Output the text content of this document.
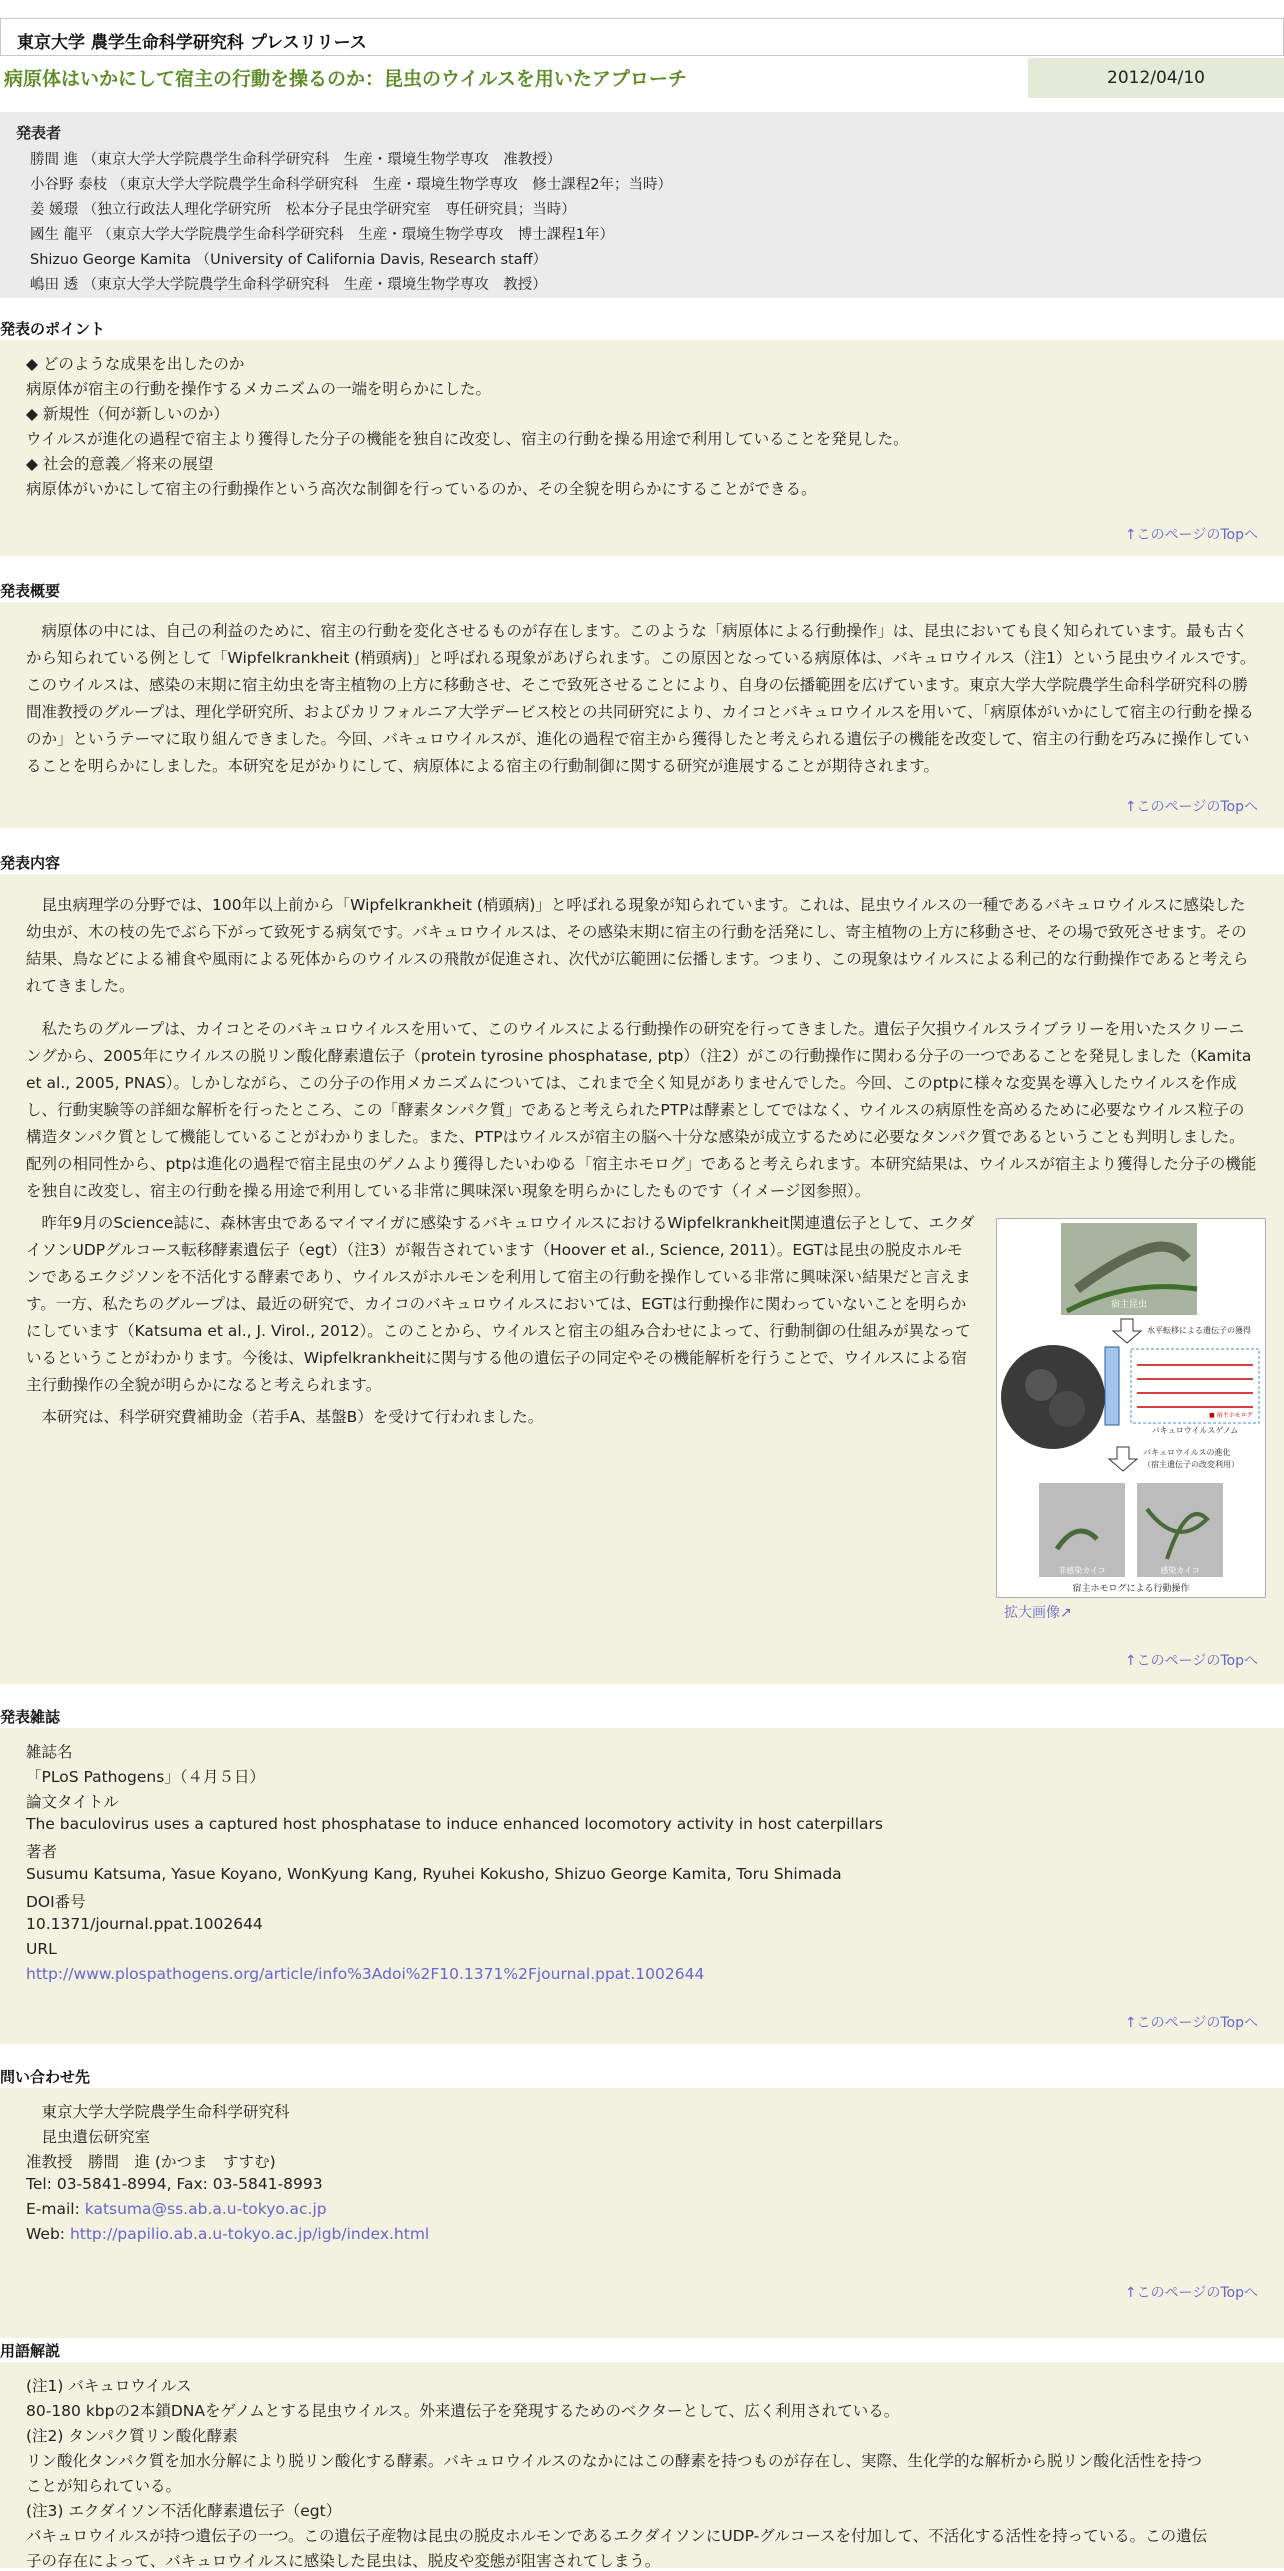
東京大学 農学生命科学研究科 プレスリリース
病原体はいかにして宿主の行動を操るのか：昆虫のウイルスを用いたアプローチ	2012/04/10
発表者
勝間 進 （東京大学大学院農学生命科学研究科　生産・環境生物学専攻　准教授）
小谷野 泰枝 （東京大学大学院農学生命科学研究科　生産・環境生物学専攻　修士課程2年；当時）
姜 媛璟 （独立行政法人理化学研究所　松本分子昆虫学研究室　専任研究員；当時）
國生 龍平 （東京大学大学院農学生命科学研究科　生産・環境生物学専攻　博士課程1年）
Shizuo George Kamita （University of California Davis, Research staff）
嶋田 透 （東京大学大学院農学生命科学研究科　生産・環境生物学専攻　教授）
発表のポイント
◆ どのような成果を出したのか
病原体が宿主の行動を操作するメカニズムの一端を明らかにした。
◆ 新規性（何が新しいのか）
ウイルスが進化の過程で宿主より獲得した分子の機能を独自に改変し、宿主の行動を操る用途で利用していることを発見した。
◆ 社会的意義／将来の展望
病原体がいかにして宿主の行動操作という高次な制御を行っているのか、その全貌を明らかにすることができる。
↑このページのTopへ
発表概要

　病原体の中には、自己の利益のために、宿主の行動を変化させるものが存在します。このような「病原体による行動操作」は、昆虫においても良く知られています。最も古くから知られている例として「Wipfelkrankheit (梢頭病)」と呼ばれる現象があげられます。この原因となっている病原体は、バキュロウイルス（注1）という昆虫ウイルスです。このウイルスは、感染の末期に宿主幼虫を寄主植物の上方に移動させ、そこで致死させることにより、自身の伝播範囲を広げています。東京大学大学院農学生命科学研究科の勝間准教授のグループは、理化学研究所、およびカリフォルニア大学デービス校との共同研究により、カイコとバキュロウイルスを用いて、「病原体がいかにして宿主の行動を操るのか」というテーマに取り組んできました。今回、バキュロウイルスが、進化の過程で宿主から獲得したと考えられる遺伝子の機能を改変して、宿主の行動を巧みに操作していることを明らかにしました。本研究を足がかりにして、病原体による宿主の行動制御に関する研究が進展することが期待されます。

↑このページのTopへ
発表内容

　昆虫病理学の分野では、100年以上前から「Wipfelkrankheit (梢頭病)」と呼ばれる現象が知られています。これは、昆虫ウイルスの一種であるバキュロウイルスに感染した幼虫が、木の枝の先でぶら下がって致死する病気です。バキュロウイルスは、その感染末期に宿主の行動を活発にし、寄主植物の上方に移動させ、その場で致死させます。その結果、鳥などによる補食や風雨による死体からのウイルスの飛散が促進され、次代が広範囲に伝播します。つまり、この現象はウイルスによる利己的な行動操作であると考えられてきました。

　私たちのグループは、カイコとそのバキュロウイルスを用いて、このウイルスによる行動操作の研究を行ってきました。遺伝子欠損ウイルスライブラリーを用いたスクリーニングから、2005年にウイルスの脱リン酸化酵素遺伝子（protein tyrosine phosphatase, ptp）（注2）がこの行動操作に関わる分子の一つであることを発見しました（Kamita et al., 2005, PNAS）。しかしながら、この分子の作用メカニズムについては、これまで全く知見がありませんでした。今回、このptpに様々な変異を導入したウイルスを作成し、行動実験等の詳細な解析を行ったところ、この「酵素タンパク質」であると考えられたPTPは酵素としてではなく、ウイルスの病原性を高めるために必要なウイルス粒子の構造タンパク質として機能していることがわかりました。また、PTPはウイルスが宿主の脳へ十分な感染が成立するために必要なタンパク質であるということも判明しました。配列の相同性から、ptpは進化の過程で宿主昆虫のゲノムより獲得したいわゆる「宿主ホモログ」であると考えられます。本研究結果は、ウイルスが宿主より獲得した分子の機能を独自に改変し、宿主の行動を操る用途で利用している非常に興味深い現象を明らかにしたものです（イメージ図参照）。

　昨年9月のScience誌に、森林害虫であるマイマイガに感染するバキュロウイルスにおけるWipfelkrankheit関連遺伝子として、エクダイソンUDPグルコース転移酵素遺伝子（egt）（注3）が報告されています（Hoover et al., Science, 2011）。EGTは昆虫の脱皮ホルモンであるエクジソンを不活化する酵素であり、ウイルスがホルモンを利用して宿主の行動を操作している非常に興味深い結果だと言えます。一方、私たちのグループは、最近の研究で、カイコのバキュロウイルスにおいては、EGTは行動操作に関わっていないことを明らかにしています（Katsuma et al., J. Virol., 2012）。このことから、ウイルスと宿主の組み合わせによって、行動制御の仕組みが異なっているということがわかります。今後は、Wipfelkrankheitに関与する他の遺伝子の同定やその機能解析を行うことで、ウイルスによる宿主行動操作の全貌が明らかになると考えられます。

　本研究は、科学研究費補助金（若手A、基盤B）を受けて行われました。

拡大画像↗
↑このページのTopへ
宿主昆虫
水平転移による遺伝子の獲得
■ 宿主ホモログ
バキュロウイルスゲノム
バキュロウイルスの進化
（宿主遺伝子の改変利用）
非感染カイコ	感染カイコ
宿主ホモログによる行動操作
発表雑誌
雑誌名
「PLoS Pathogens」（４月５日）
論文タイトル
The baculovirus uses a captured host phosphatase to induce enhanced locomotory activity in host caterpillars
著者
Susumu Katsuma, Yasue Koyano, WonKyung Kang, Ryuhei Kokusho, Shizuo George Kamita, Toru Shimada
DOI番号
10.1371/journal.ppat.1002644
URL
http://www.plospathogens.org/article/info%3Adoi%2F10.1371%2Fjournal.ppat.1002644
↑このページのTopへ
問い合わせ先
　東京大学大学院農学生命科学研究科
　昆虫遺伝研究室
准教授　勝間　進 (かつま　すすむ)
Tel: 03-5841-8994, Fax: 03-5841-8993
E-mail: katsuma@ss.ab.a.u-tokyo.ac.jp
Web: http://papilio.ab.a.u-tokyo.ac.jp/igb/index.html
↑このページのTopへ
用語解説
(注1) バキュロウイルス
80-180 kbpの2本鎖DNAをゲノムとする昆虫ウイルス。外来遺伝子を発現するためのベクターとして、広く利用されている。
(注2) タンパク質リン酸化酵素
リン酸化タンパク質を加水分解により脱リン酸化する酵素。バキュロウイルスのなかにはこの酵素を持つものが存在し、実際、生化学的な解析から脱リン酸化活性を持つ
ことが知られている。
(注3) エクダイソン不活化酵素遺伝子（egt）
バキュロウイルスが持つ遺伝子の一つ。この遺伝子産物は昆虫の脱皮ホルモンであるエクダイソンにUDP-グルコースを付加して、不活化する活性を持っている。この遺伝
子の存在によって、バキュロウイルスに感染した昆虫は、脱皮や変態が阻害されてしまう。
